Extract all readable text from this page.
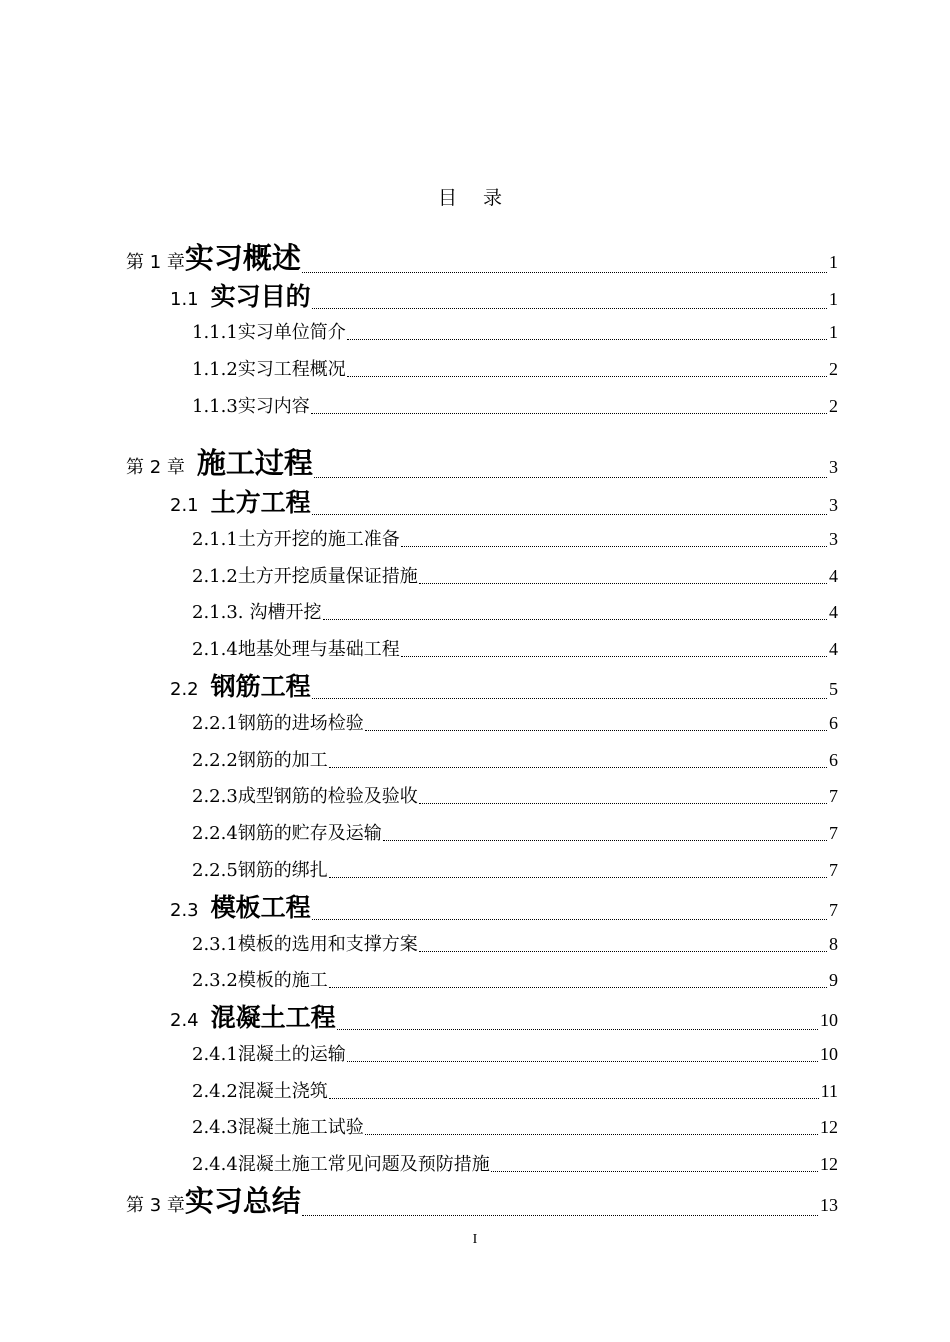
目 录
第 1 章 实习概述	1
1.1 实习目的	1
1.1.1 实习单位简介	1
1.1.2 实习工程概况	2
1.1.3 实习内容	2
第 2 章 施工过程	3
2.1 土方工程	3
2.1.1 土方开挖的施工准备	3
2.1.2 土方开挖质量保证措施	4
2.1.3. 沟槽开挖	4
2.1.4 地基处理与基础工程	4
2.2 钢筋工程	5
2.2.1 钢筋的进场检验	6
2.2.2 钢筋的加工	6
2.2.3 成型钢筋的检验及验收	7
2.2.4 钢筋的贮存及运输	7
2.2.5 钢筋的绑扎	7
2.3 模板工程	7
2.3.1 模板的选用和支撑方案	8
2.3.2 模板的施工	9
2.4 混凝土工程	10
2.4.1 混凝土的运输	10
2.4.2 混凝土浇筑	11
2.4.3 混凝土施工试验	12
2.4.4 混凝土施工常见问题及预防措施	12
第 3 章 实习总结	13
I
